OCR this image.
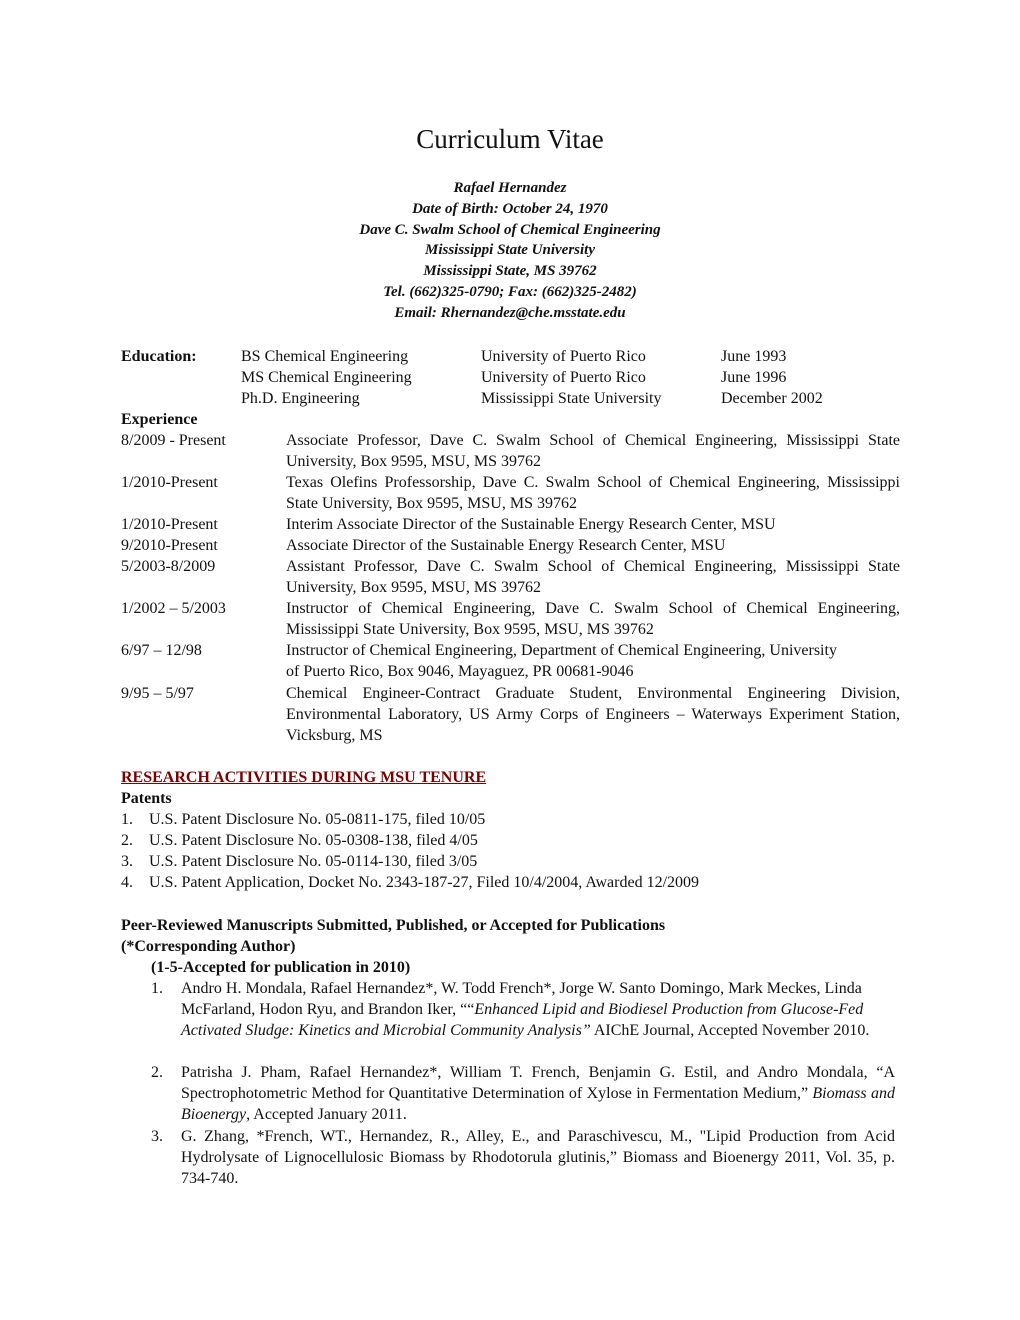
Curriculum Vitae
Rafael Hernandez
Date of Birth: October 24, 1970
Dave C. Swalm School of Chemical Engineering
Mississippi State University
Mississippi State, MS 39762
Tel. (662)325-0790; Fax: (662)325-2482)
Email: Rhernandez@che.msstate.edu
Education:	BS Chemical Engineering	University of Puerto Rico	June 1993
MS Chemical Engineering	University of Puerto Rico	June 1996
Ph.D. Engineering	Mississippi State University	December 2002
Experience
8/2009 - Present	Associate Professor, Dave C. Swalm School of Chemical Engineering, Mississippi State University, Box 9595, MSU, MS 39762
1/2010-Present	Texas Olefins Professorship, Dave C. Swalm School of Chemical Engineering, Mississippi State University, Box 9595, MSU, MS 39762
1/2010-Present	Interim Associate Director of the Sustainable Energy Research Center, MSU
9/2010-Present	Associate Director of the Sustainable Energy Research Center, MSU
5/2003-8/2009	Assistant Professor, Dave C. Swalm School of Chemical Engineering, Mississippi State University, Box 9595, MSU, MS 39762
1/2002 – 5/2003	Instructor of Chemical Engineering, Dave C. Swalm School of Chemical Engineering, Mississippi State University, Box 9595, MSU, MS 39762
6/97 – 12/98	Instructor of Chemical Engineering, Department of Chemical Engineering, University of Puerto Rico, Box 9046, Mayaguez, PR 00681-9046
9/95 – 5/97	Chemical Engineer-Contract Graduate Student, Environmental Engineering Division, Environmental Laboratory, US Army Corps of Engineers – Waterways Experiment Station, Vicksburg, MS
RESEARCH ACTIVITIES DURING MSU TENURE
Patents
1. U.S. Patent Disclosure No. 05-0811-175, filed 10/05
2. U.S. Patent Disclosure No. 05-0308-138, filed 4/05
3. U.S. Patent Disclosure No. 05-0114-130, filed 3/05
4. U.S. Patent Application, Docket No. 2343-187-27, Filed 10/4/2004, Awarded 12/2009
Peer-Reviewed Manuscripts Submitted, Published, or Accepted for Publications
(*Corresponding Author)
(1-5-Accepted for publication in 2010)
1. Andro H. Mondala, Rafael Hernandez*, W. Todd French*, Jorge W. Santo Domingo, Mark Meckes, Linda McFarland, Hodon Ryu, and Brandon Iker, ““Enhanced Lipid and Biodiesel Production from Glucose-Fed Activated Sludge: Kinetics and Microbial Community Analysis” AIChE Journal, Accepted November 2010.
2. Patrisha J. Pham, Rafael Hernandez*, William T. French, Benjamin G. Estil, and Andro Mondala, “A Spectrophotometric Method for Quantitative Determination of Xylose in Fermentation Medium,” Biomass and Bioenergy, Accepted January 2011.
3. G. Zhang, *French, WT., Hernandez, R., Alley, E., and Paraschivescu, M., "Lipid Production from Acid Hydrolysate of Lignocellulosic Biomass by Rhodotorula glutinis,” Biomass and Bioenergy 2011, Vol. 35, p. 734-740.
